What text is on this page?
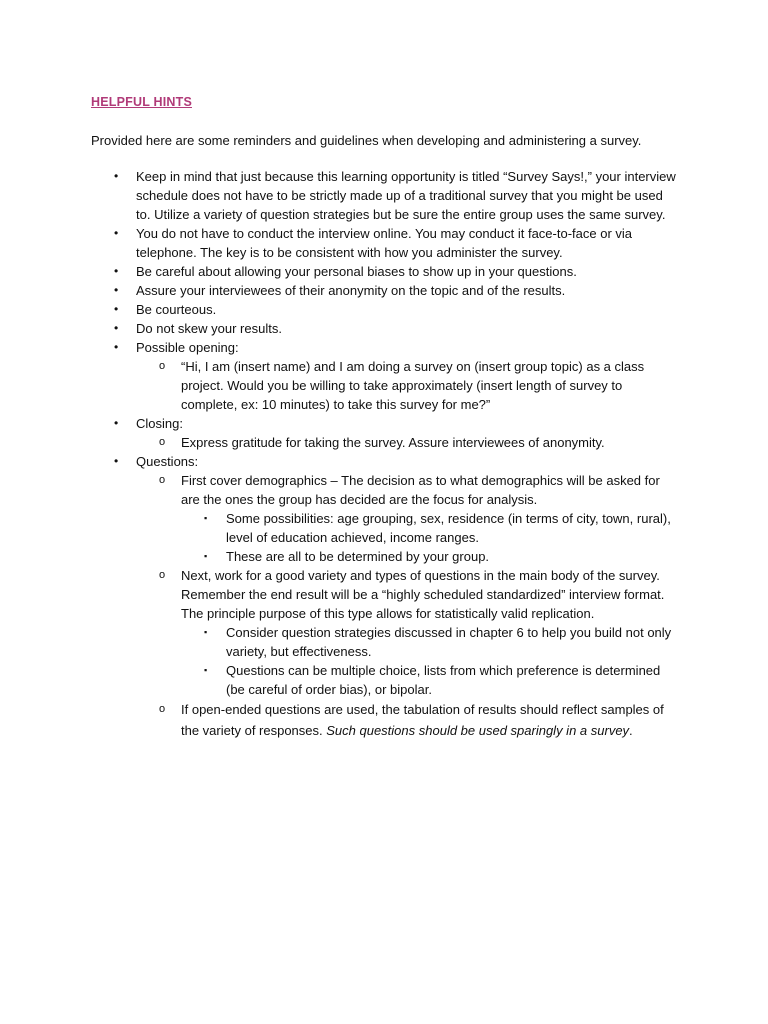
HELPFUL HINTS
Provided here are some reminders and guidelines when developing and administering a survey.
• Keep in mind that just because this learning opportunity is titled “Survey Says!,” your interview schedule does not have to be strictly made up of a traditional survey that you might be used to. Utilize a variety of question strategies but be sure the entire group uses the same survey.
• You do not have to conduct the interview online. You may conduct it face-to-face or via telephone. The key is to be consistent with how you administer the survey.
• Be careful about allowing your personal biases to show up in your questions.
• Assure your interviewees of their anonymity on the topic and of the results.
• Be courteous.
• Do not skew your results.
• Possible opening:
o “Hi, I am (insert name) and I am doing a survey on (insert group topic) as a class project. Would you be willing to take approximately (insert length of survey to complete, ex: 10 minutes) to take this survey for me?”
• Closing:
o Express gratitude for taking the survey. Assure interviewees of anonymity.
• Questions:
o First cover demographics – The decision as to what demographics will be asked for are the ones the group has decided are the focus for analysis.
▪ Some possibilities: age grouping, sex, residence (in terms of city, town, rural), level of education achieved, income ranges.
▪ These are all to be determined by your group.
o Next, work for a good variety and types of questions in the main body of the survey. Remember the end result will be a “highly scheduled standardized” interview format. The principle purpose of this type allows for statistically valid replication.
▪ Consider question strategies discussed in chapter 6 to help you build not only variety, but effectiveness.
▪ Questions can be multiple choice, lists from which preference is determined (be careful of order bias), or bipolar.
o If open-ended questions are used, the tabulation of results should reflect samples of the variety of responses. Such questions should be used sparingly in a survey.
